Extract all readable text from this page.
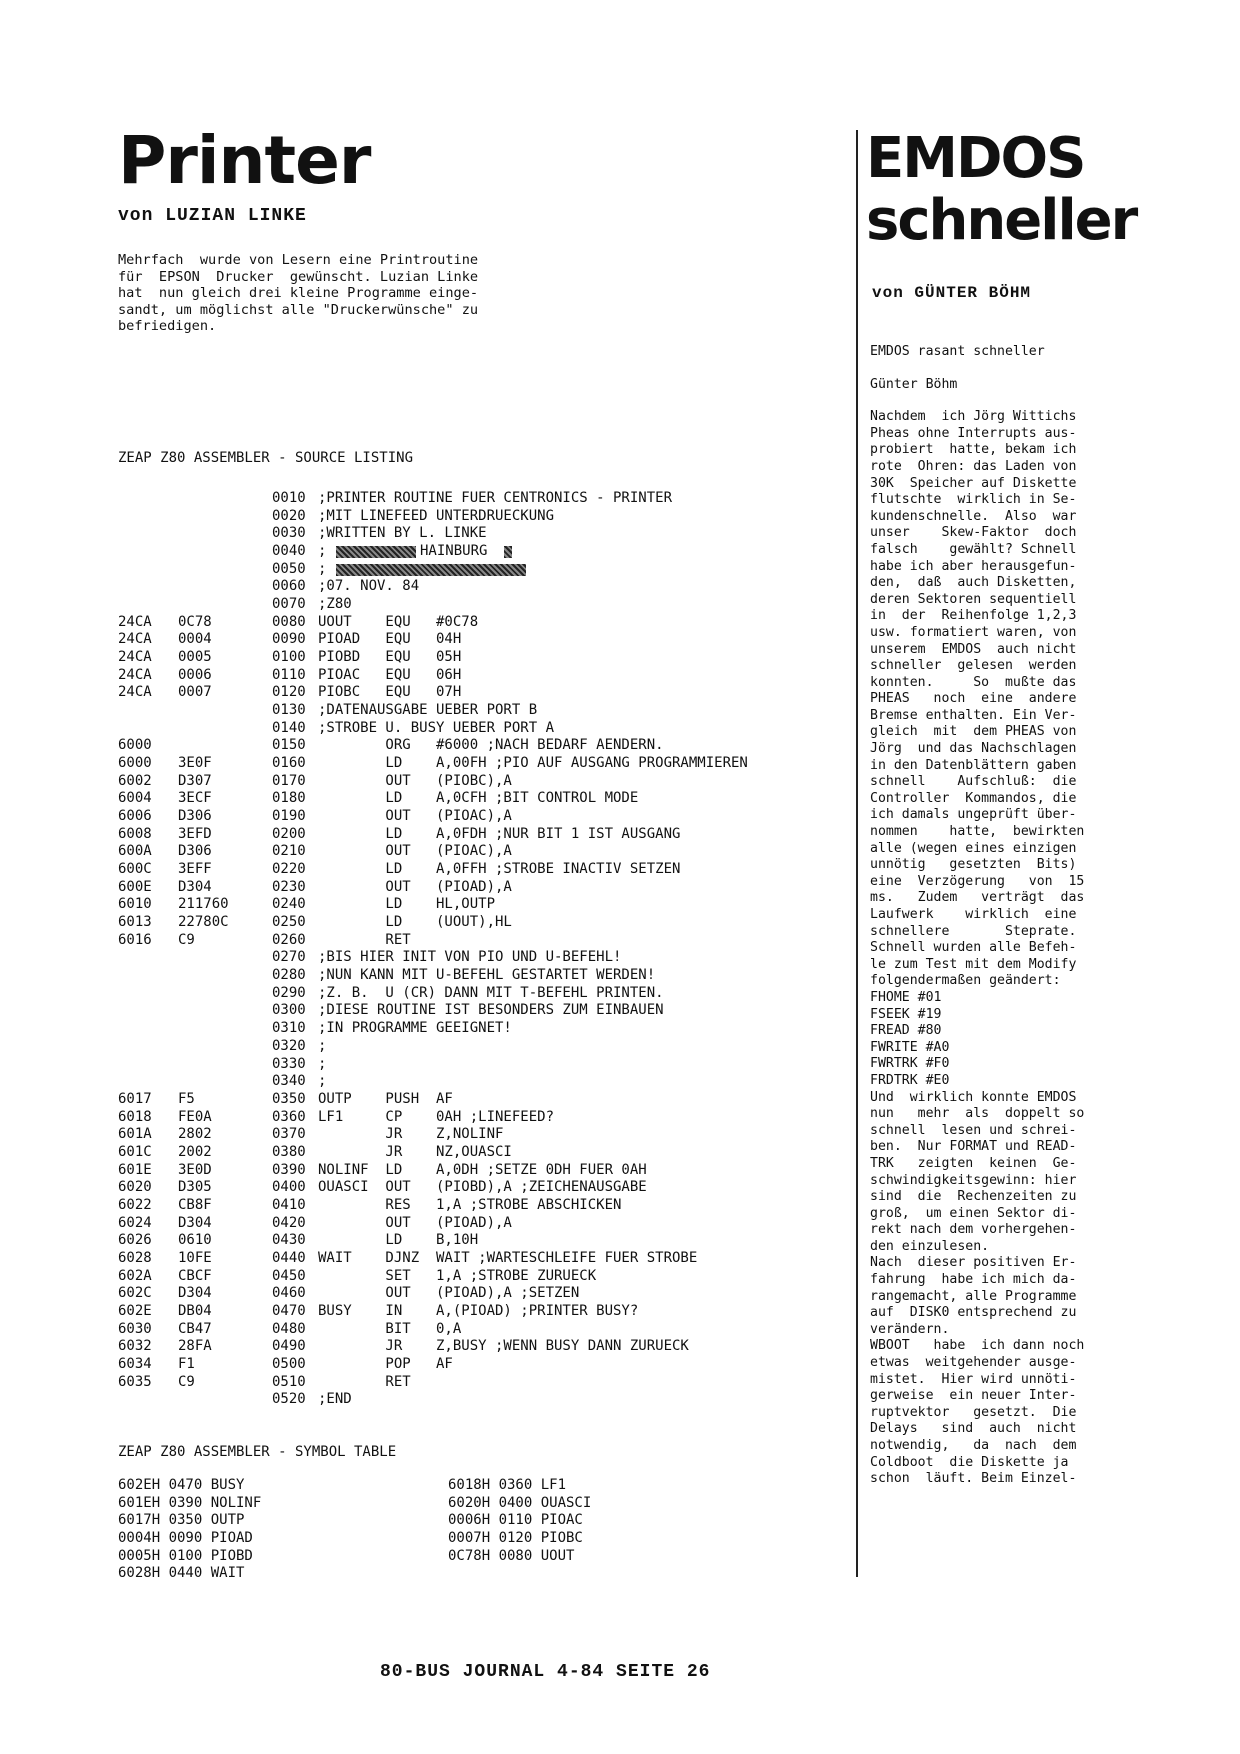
Printer
von LUZIAN LINKE
Mehrfach  wurde von Lesern eine Printroutine
für  EPSON  Drucker  gewünscht. Luzian Linke
hat  nun gleich drei kleine Programme einge-
sandt, um möglichst alle "Druckerwünsche" zu
befriedigen.
ZEAP Z80 ASSEMBLER - SOURCE LISTING
0010 ;PRINTER ROUTINE FUER CENTRONICS - PRINTER
0020 ;MIT LINEFEED UNTERDRUECKUNG
0030 ;WRITTEN BY L. LINKE
0040 ;	HAINBURG
0050 ;
0060 ;07. NOV. 84
0070 ;Z80
24CA 0C78	0080 UOUT    EQU   #0C78
24CA 0004	0090 PIOAD   EQU   04H
24CA 0005	0100 PIOBD   EQU   05H
24CA 0006	0110 PIOAC   EQU   06H
24CA 0007	0120 PIOBC   EQU   07H
0130 ;DATENAUSGABE UEBER PORT B
0140 ;STROBE U. BUSY UEBER PORT A
6000	0150 ORG   #6000 ;NACH BEDARF AENDERN.
6000 3E0F	0160 LD    A,00FH ;PIO AUF AUSGANG PROGRAMMIEREN
6002 D307	0170 OUT   (PIOBC),A
6004 3ECF	0180 LD    A,0CFH ;BIT CONTROL MODE
6006 D306	0190 OUT   (PIOAC),A
6008 3EFD	0200 LD    A,0FDH ;NUR BIT 1 IST AUSGANG
600A D306	0210 OUT   (PIOAC),A
600C 3EFF	0220 LD    A,0FFH ;STROBE INACTIV SETZEN
600E D304	0230 OUT   (PIOAD),A
6010 211760	0240 LD    HL,OUTP
6013 22780C	0250 LD    (UOUT),HL
6016 C9	0260 RET
0270 ;BIS HIER INIT VON PIO UND U-BEFEHL!
0280 ;NUN KANN MIT U-BEFEHL GESTARTET WERDEN!
0290 ;Z. B.  U (CR) DANN MIT T-BEFEHL PRINTEN.
0300 ;DIESE ROUTINE IST BESONDERS ZUM EINBAUEN
0310 ;IN PROGRAMME GEEIGNET!
0320 ;
0330 ;
0340 ;
6017 F5	0350 OUTP    PUSH  AF
6018 FE0A	0360 LF1     CP    0AH ;LINEFEED?
601A 2802	0370 JR    Z,NOLINF
601C 2002	0380 JR    NZ,OUASCI
601E 3E0D	0390 NOLINF  LD    A,0DH ;SETZE 0DH FUER 0AH
6020 D305	0400 OUASCI  OUT   (PIOBD),A ;ZEICHENAUSGABE
6022 CB8F	0410 RES   1,A ;STROBE ABSCHICKEN
6024 D304	0420 OUT   (PIOAD),A
6026 0610	0430 LD    B,10H
6028 10FE	0440 WAIT    DJNZ  WAIT ;WARTESCHLEIFE FUER STROBE
602A CBCF	0450 SET   1,A ;STROBE ZURUECK
602C D304	0460 OUT   (PIOAD),A ;SETZEN
602E DB04	0470 BUSY    IN    A,(PIOAD) ;PRINTER BUSY?
6030 CB47	0480 BIT   0,A
6032 28FA	0490 JR    Z,BUSY ;WENN BUSY DANN ZURUECK
6034 F1	0500 POP   AF
6035 C9	0510 RET
0520 ;END
ZEAP Z80 ASSEMBLER - SYMBOL TABLE
602EH 0470 BUSY	6018H 0360 LF1
601EH 0390 NOLINF	6020H 0400 OUASCI
6017H 0350 OUTP	0006H 0110 PIOAC
0004H 0090 PIOAD	0007H 0120 PIOBC
0005H 0100 PIOBD	0C78H 0080 UOUT
6028H 0440 WAIT
EMDOS
schneller
von GÜNTER BÖHM
EMDOS rasant schneller
Günter Böhm
Nachdem  ich Jörg Wittichs
Pheas ohne Interrupts aus-
probiert  hatte, bekam ich
rote  Ohren: das Laden von
30K  Speicher auf Diskette
flutschte  wirklich in Se-
kundenschnelle.  Also  war
unser    Skew-Faktor  doch
falsch    gewählt? Schnell
habe ich aber herausgefun-
den,  daß  auch Disketten,
deren Sektoren sequentiell
in  der  Reihenfolge 1,2,3
usw. formatiert waren, von
unserem  EMDOS  auch nicht
schneller  gelesen  werden
konnten.     So  mußte das
PHEAS   noch  eine  andere
Bremse enthalten. Ein Ver-
gleich  mit  dem PHEAS von
Jörg  und das Nachschlagen
in den Datenblättern gaben
schnell    Aufschluß:  die
Controller  Kommandos, die
ich damals ungeprüft über-
nommen    hatte,  bewirkten
alle (wegen eines einzigen
unnötig   gesetzten  Bits)
eine  Verzögerung   von  15
ms.   Zudem   verträgt  das
Laufwerk    wirklich  eine
schnellere       Steprate.
Schnell wurden alle Befeh-
le zum Test mit dem Modify
folgendermaßen geändert:
FHOME #01
FSEEK #19
FREAD #80
FWRITE #A0
FWRTRK #F0
FRDTRK #E0
Und  wirklich konnte EMDOS
nun   mehr  als  doppelt so
schnell  lesen und schrei-
ben.  Nur FORMAT und READ-
TRK   zeigten  keinen  Ge-
schwindigkeitsgewinn: hier
sind  die  Rechenzeiten zu
groß,  um einen Sektor di-
rekt nach dem vorhergehen-
den einzulesen.
Nach  dieser positiven Er-
fahrung  habe ich mich da-
rangemacht, alle Programme
auf  DISK0 entsprechend zu
verändern.
WBOOT   habe  ich dann noch
etwas  weitgehender ausge-
mistet.  Hier wird unnöti-
gerweise  ein neuer Inter-
ruptvektor   gesetzt.  Die
Delays   sind  auch  nicht
notwendig,   da  nach  dem
Coldboot  die Diskette ja
schon  läuft. Beim Einzel-
80-BUS JOURNAL 4-84 SEITE 26
